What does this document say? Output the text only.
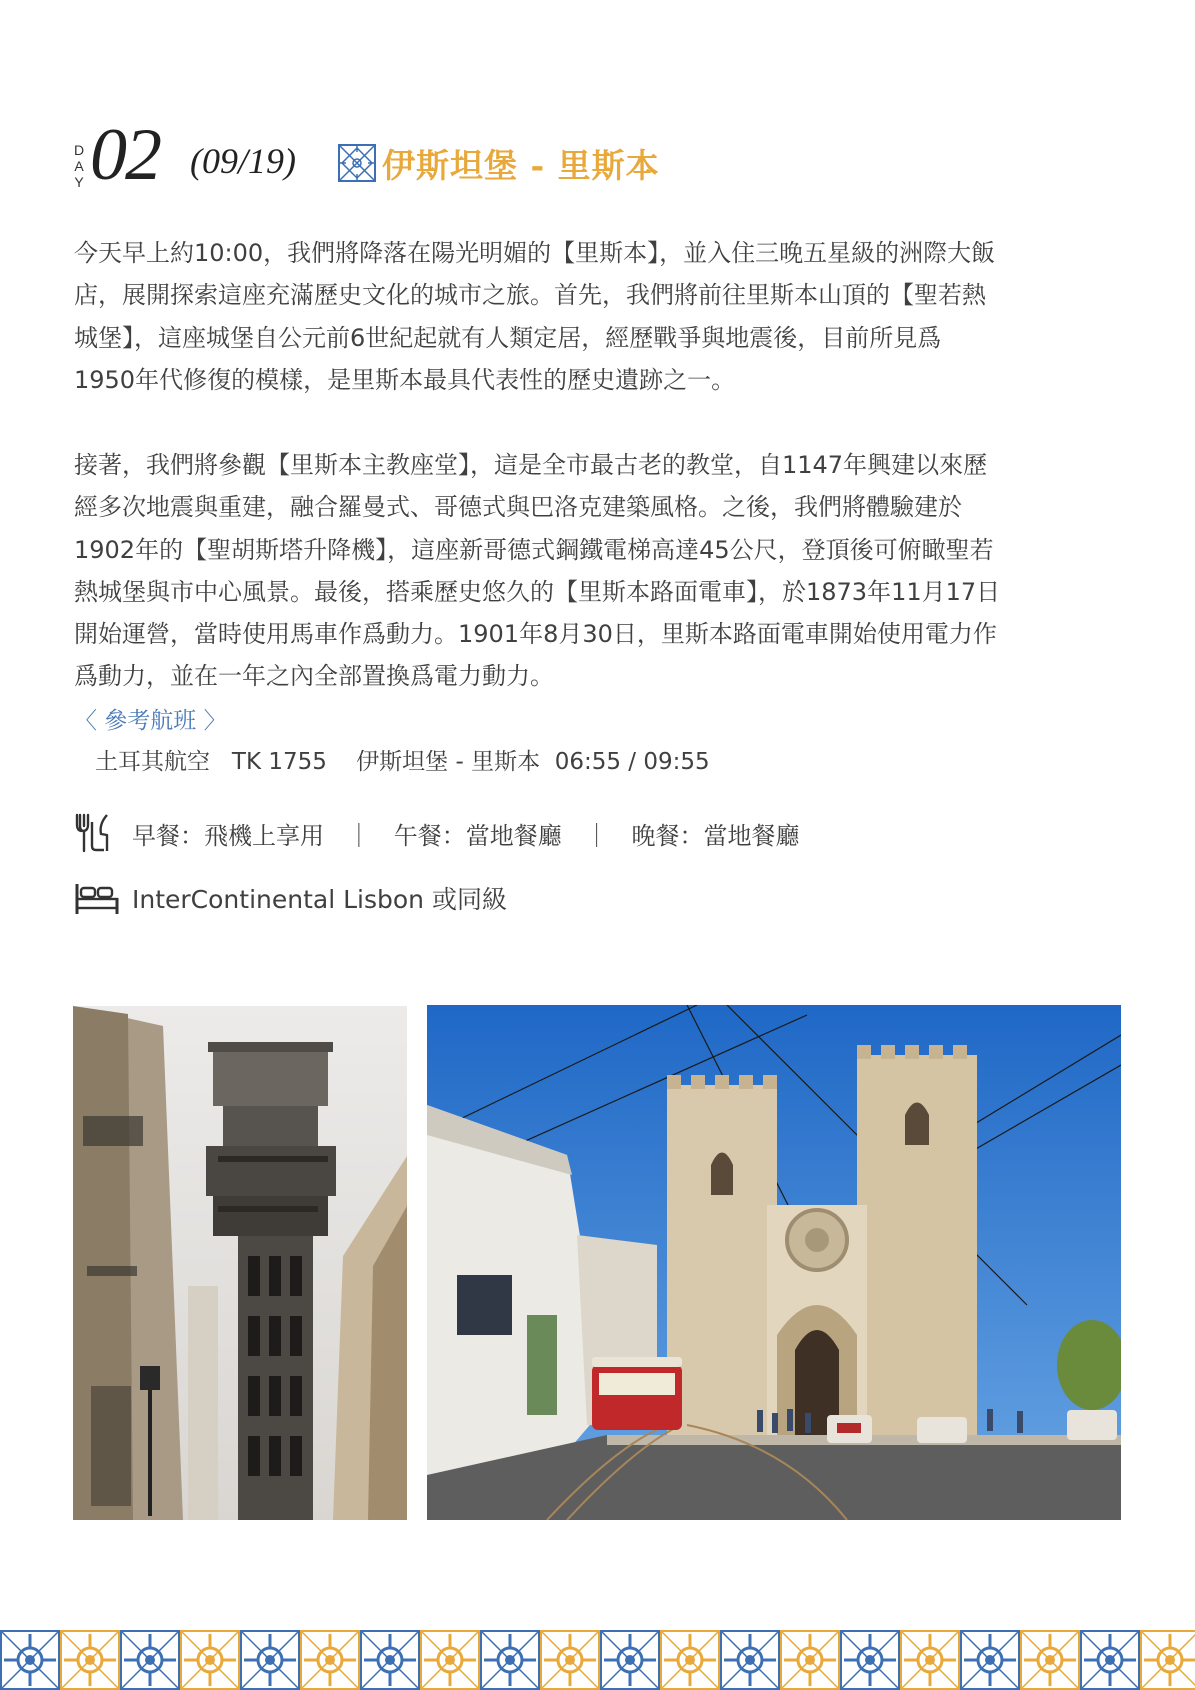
D
A
Y 02 (09/19)	伊斯坦堡 - 里斯本

今天早上約10:00，我們將降落在陽光明媚的【里斯本】，並入住三晚五星級的洲際大飯

店，展開探索這座充滿歷史文化的城市之旅。首先，我們將前往里斯本山頂的【聖若熱

城堡】，這座城堡自公元前6世紀起就有人類定居，經歷戰爭與地震後，目前所見爲

1950年代修復的模樣，是里斯本最具代表性的歷史遺跡之一。

接著，我們將參觀【里斯本主教座堂】，這是全市最古老的教堂，自1147年興建以來歷
經多次地震與重建，融合羅曼式、哥德式與巴洛克建築風格。之後，我們將體驗建於
1902年的【聖胡斯塔升降機】，這座新哥德式鋼鐵電梯高達45公尺，登頂後可俯瞰聖若
熱城堡與市中心風景。最後，搭乘歷史悠久的【里斯本路面電車】，於1873年11月17日
開始運營，當時使用馬車作爲動力。1901年8月30日，里斯本路面電車開始使用電力作
爲動力，並在一年之內全部置換爲電力動力。
〈 參考航班 〉
土耳其航空   TK 1755    伊斯坦堡 - 里斯本  06:55 / 09:55
早餐：飛機上享用   ｜   午餐：當地餐廳   ｜   晚餐：當地餐廳
InterContinental Lisbon 或同級
